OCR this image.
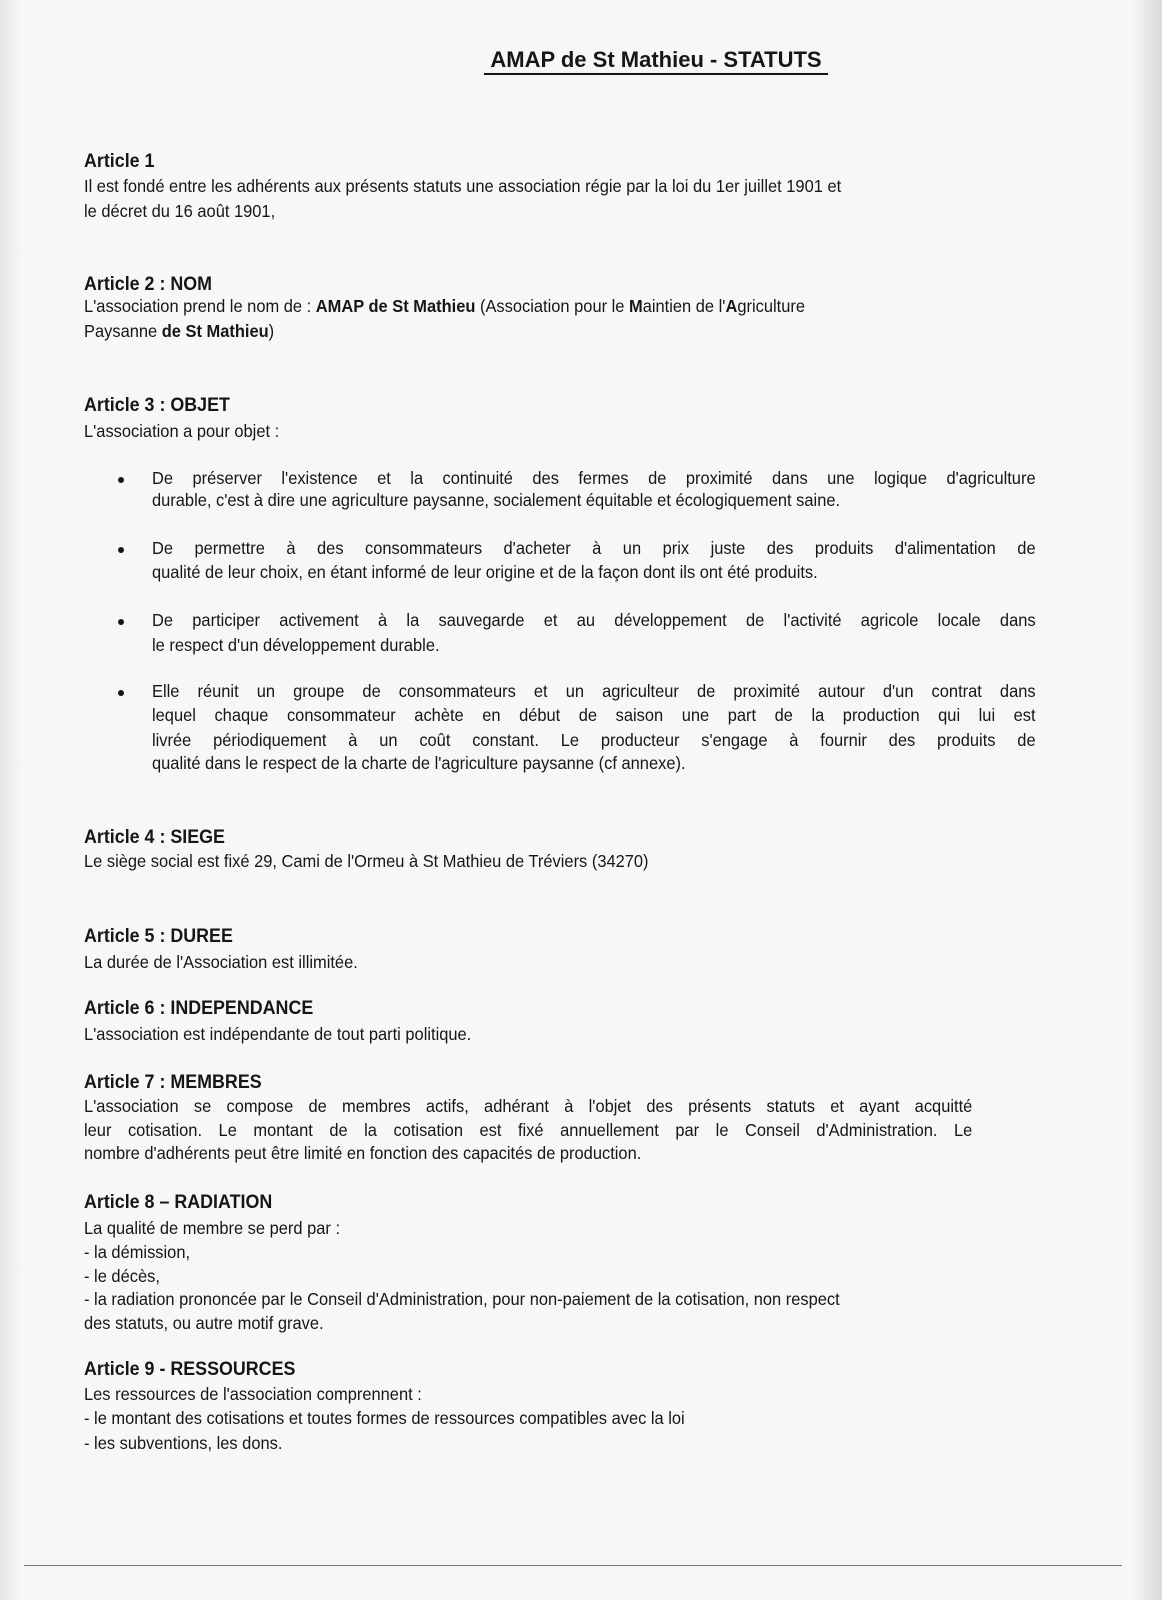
AMAP de St Mathieu - STATUTS
Article 1
Il est fondé entre les adhérents aux présents statuts une association régie par la loi du 1er juillet 1901 et
le décret du 16 août 1901,
Article 2 : NOM
L'association prend le nom de : AMAP de St Mathieu (Association pour le Maintien de l'Agriculture
Paysanne de St Mathieu)
Article 3 : OBJET
L'association a pour objet :
De préserver l'existence et la continuité des fermes de proximité dans une logique d'agriculture
durable, c'est à dire une agriculture paysanne, socialement équitable et écologiquement saine.
De permettre à des consommateurs d'acheter à un prix juste des produits d'alimentation de
qualité de leur choix, en étant informé de leur origine et de la façon dont ils ont été produits.
De participer activement à la sauvegarde et au développement de l'activité agricole locale dans
le respect d'un développement durable.
Elle réunit un groupe de consommateurs et un agriculteur de proximité autour d'un contrat dans
lequel chaque consommateur achète en début de saison une part de la production qui lui est
livrée périodiquement à un coût constant. Le producteur s'engage à fournir des produits de
qualité dans le respect de la charte de l'agriculture paysanne (cf annexe).
Article 4 : SIEGE
Le siège social est fixé 29, Cami de l'Ormeu à St Mathieu de Tréviers (34270)
Article 5 : DUREE
La durée de l'Association est illimitée.
Article 6 : INDEPENDANCE
L'association est indépendante de tout parti politique.
Article 7 : MEMBRES
L'association se compose de membres actifs, adhérant à l'objet des présents statuts et ayant acquitté
leur cotisation. Le montant de la cotisation est fixé annuellement par le Conseil d'Administration. Le
nombre d'adhérents peut être limité en fonction des capacités de production.
Article 8 – RADIATION
La qualité de membre se perd par :
- la démission,
- le décès,
- la radiation prononcée par le Conseil d'Administration, pour non-paiement de la cotisation, non respect
des statuts, ou autre motif grave.
Article 9 - RESSOURCES
Les ressources de l'association comprennent :
- le montant des cotisations et toutes formes de ressources compatibles avec la loi
- les subventions, les dons.
